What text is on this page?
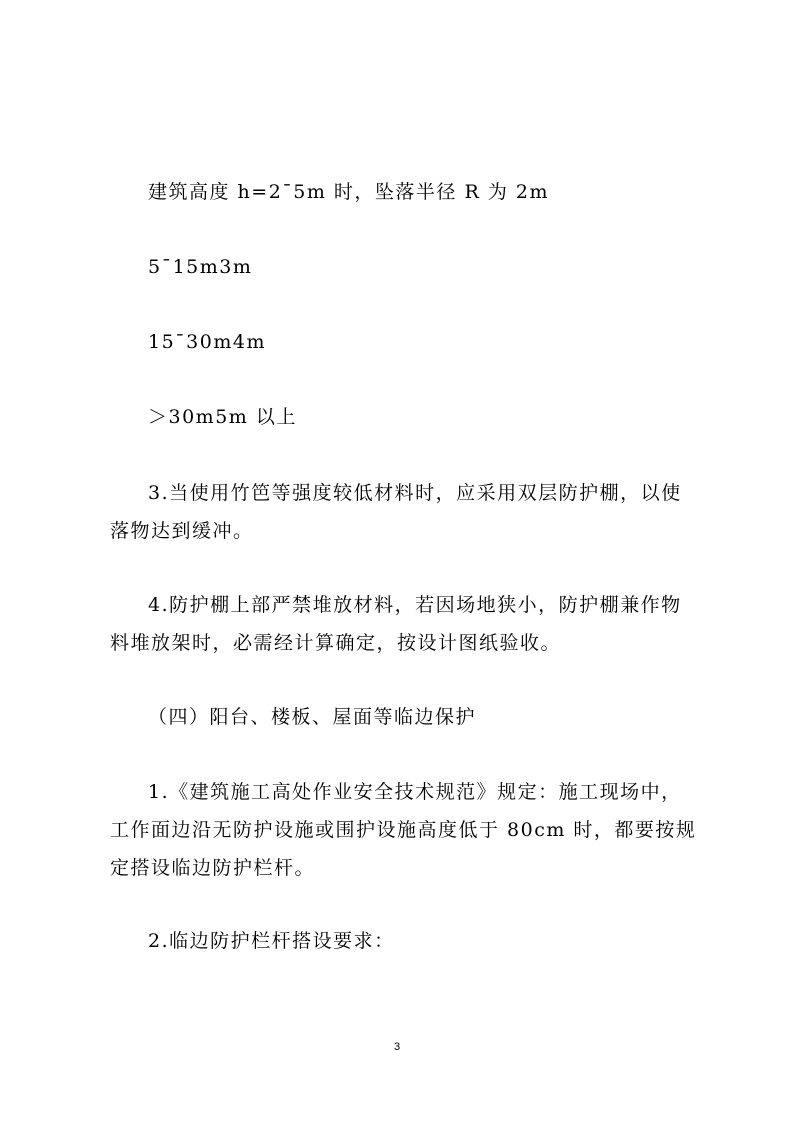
建筑高度 h=2¯5m 时，坠落半径 R 为 2m

5¯15m3m

15¯30m4m

＞30m5m 以上

3.当使用竹笆等强度较低材料时，应采用双层防护棚，以使

落物达到缓冲。

4.防护棚上部严禁堆放材料，若因场地狭小，防护棚兼作物

料堆放架时，必需经计算确定，按设计图纸验收。

（四）阳台、楼板、屋面等临边保护

1.《建筑施工高处作业安全技术规范》规定：施工现场中，

工作面边沿无防护设施或围护设施高度低于 80cm 时，都要按规

定搭设临边防护栏杆。

2.临边防护栏杆搭设要求：

3
